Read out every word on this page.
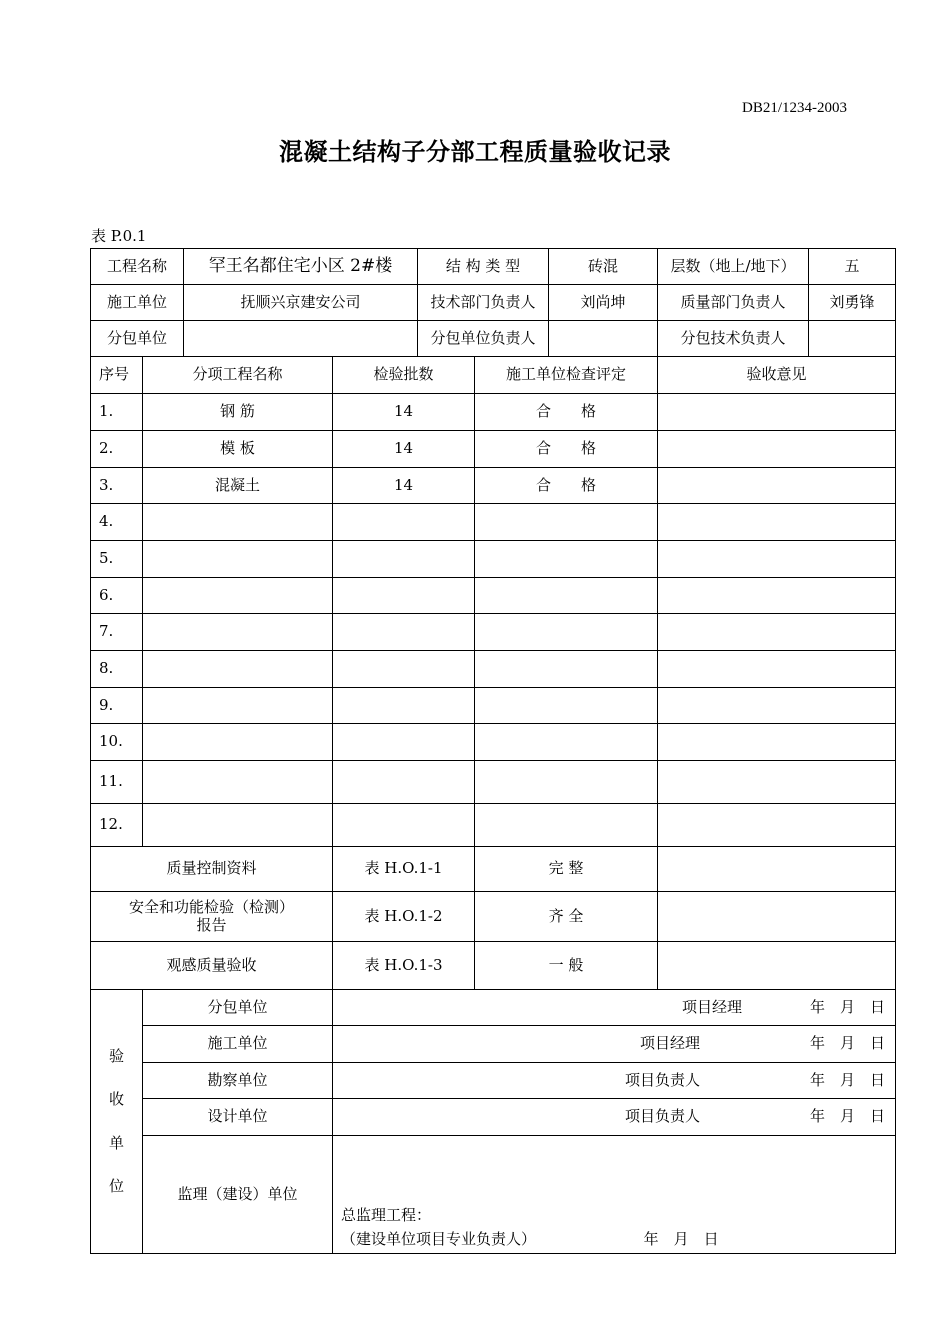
DB21/1234-2003
混凝土结构子分部工程质量验收记录
表 P.0.1
工程名称		罕王名都住宅小区 2#楼		结 构 类 型		砖混	层数（地上/地下）	五
施工单位		抚顺兴京建安公司		技术部门负责人		刘尚坤	质量部门负责人	刘勇锋
分包单位				分包单位负责人			分包技术负责人	
序号	分项工程名称		检验批数		施工单位检查评定		验收意见	
1.	钢 筋		14		合　　格			
2.	模 板		14		合　　格			
3.	混凝土		14		合　　格			
4.								
5.								
6.								
7.								
8.								
9.								
10.								
11.								
12.								
质量控制资料			表 H.O.1-1		完 整			

安全和功能检验（检测）
报告			表 H.O.1-2		齐 全			
观感质量验收			表 H.O.1-3		一 般			

验
收
单
位	分包单位		项目经理 年　月　日					

	施工单位		项目经理 年　月　日					

	勘察单位		项目负责人 年　月　日					

	设计单位		项目负责人 年　月　日					

	监理（建设）单位		总监理工程：
（建设单位项目专业负责人） 年　月　日					
